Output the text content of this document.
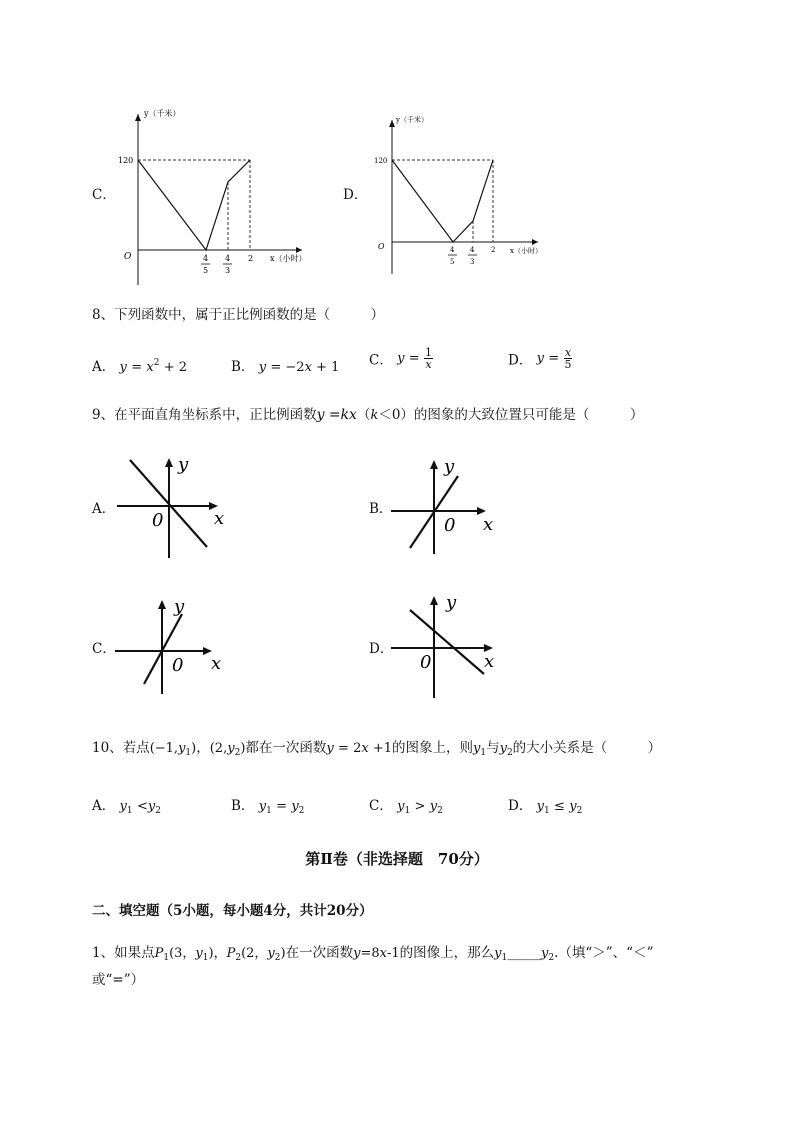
C．
y（千米）
x（小时）
O
120
4
5
4
3
2
D．
y（千米）
x（小时）
O
120
4
5
4
3
2
8、下列函数中，属于正比例函数的是（　　　）
A． $y = x^2 + 2$	B． y = −2x + 1 C． $y = \frac{1}{x}$	D． $y = \frac{x}{5}$
9、在平面直角坐标系中，正比例函数y =kx（k＜0）的图象的大致位置只可能是（　　　）
A．
y
x
0
B．
y
x
0
C．
y
x
0
D．
y
x
0
10、若点$(-1,y_1)$，$(2,y_2)$都在一次函数y = 2x +1的图象上，则$y_1$与$y_2$的大小关系是（　　　）
A． $y_1 <y_2$	B． $y_1 = y_2$	C． $y_1 > y_2$	D． $y_1 \le y_2$
第Ⅱ卷（非选择题　70分）
二、填空题（5小题，每小题4分，共计20分）
1、如果点$P_1(3$，$y_1$)，$P_2(2$，$y_2$)在一次函数y=8x-1的图像上，那么$y_1\_\_\_\_\_y_2$.（填“＞”、“＜”
或“=”）
